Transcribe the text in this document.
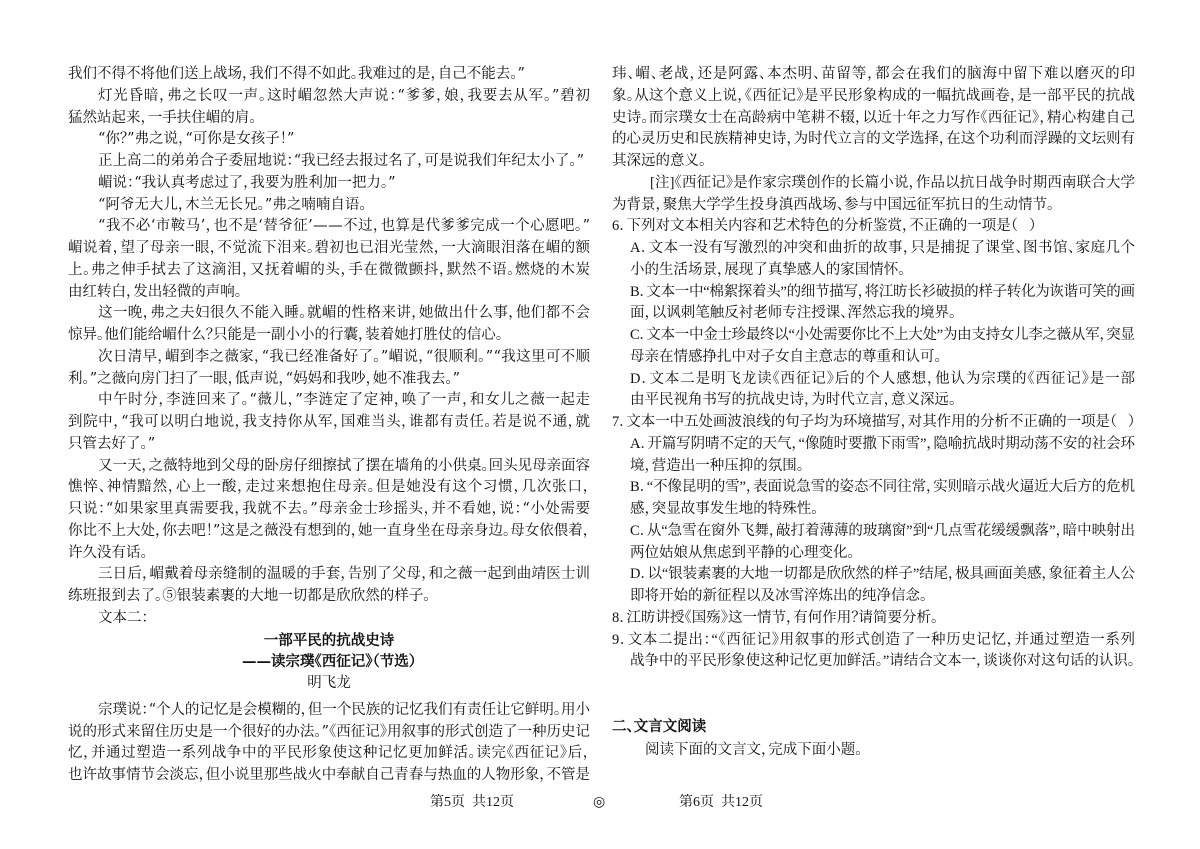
我们不得不将他们送上战场，我们不得不如此。我难过的是，自己不能去。”
灯光昏暗，弗之长叹一声。这时嵋忽然大声说：“爹爹，娘，我要去从军。”碧初
猛然站起来，一手扶住嵋的肩。
“你？”弗之说，“可你是女孩子！”
正上高二的弟弟合子委屈地说：“我已经去报过名了，可是说我们年纪太小了。”
嵋说：“我认真考虑过了，我要为胜利加一把力。”
“阿爷无大儿，木兰无长兄。”弗之喃喃自语。
“我不必‘市鞍马’，也不是‘替爷征’——不过，也算是代爹爹完成一个心愿吧。”
嵋说着，望了母亲一眼，不觉流下泪来。碧初也已泪光莹然，一大滴眼泪落在嵋的额
上。弗之伸手拭去了这滴泪，又抚着嵋的头，手在微微颤抖，默然不语。燃烧的木炭
由红转白，发出轻微的声响。
这一晚，弗之夫妇很久不能入睡。就嵋的性格来讲，她做出什么事，他们都不会
惊异。他们能给嵋什么？只能是一副小小的行囊，装着她打胜仗的信心。
次日清早，嵋到李之薇家，“我已经准备好了。”嵋说，“很顺利。”“我这里可不顺
利。”之薇向房门扫了一眼，低声说，“妈妈和我吵，她不准我去。”
中午时分，李涟回来了。“薇儿，”李涟定了定神，唤了一声，和女儿之薇一起走
到院中，“我可以明白地说，我支持你从军，国难当头，谁都有责任。若是说不通，就
只管去好了。”
又一天，之薇特地到父母的卧房仔细擦拭了摆在墙角的小供桌。回头见母亲面容
憔悴、神情黯然，心上一酸，走过来想抱住母亲。但是她没有这个习惯，几次张口，
只说：“如果家里真需要我，我就不去。”母亲金士珍摇头，并不看她，说：“小处需要
你比不上大处，你去吧！”这是之薇没有想到的，她一直身坐在母亲身边。母女依偎着，
许久没有话。
三日后，嵋戴着母亲缝制的温暖的手套，告别了父母，和之薇一起到曲靖医士训
练班报到去了。⑤银装素裹的大地一切都是欣欣然的样子。
文本二：
一部平民的抗战史诗
——读宗璞《西征记》（节选）
明飞龙
宗璞说：“个人的记忆是会模糊的，但一个民族的记忆我们有责任让它鲜明。用小
说的形式来留住历史是一个很好的办法。”《西征记》用叙事的形式创造了一种历史记
忆，并通过塑造一系列战争中的平民形象使这种记忆更加鲜活。读完《西征记》后，
也许故事情节会淡忘，但小说里那些战火中奉献自己青春与热血的人物形象，不管是
玮、嵋、老战，还是阿露、本杰明、苗留等，都会在我们的脑海中留下难以磨灭的印
象。从这个意义上说，《西征记》是平民形象构成的一幅抗战画卷，是一部平民的抗战
史诗。而宗璞女士在高龄病中笔耕不辍，以近十年之力写作《西征记》，精心构建自己
的心灵历史和民族精神史诗，为时代立言的文学选择，在这个功利而浮躁的文坛则有
其深远的意义。
[注]《西征记》是作家宗璞创作的长篇小说，作品以抗日战争时期西南联合大学
为背景，聚焦大学学生投身滇西战场、参与中国远征军抗日的生动情节。
6．下列对文本相关内容和艺术特色的分析鉴赏，不正确的一项是（   ）
A．文本一没有写激烈的冲突和曲折的故事，只是捕捉了课堂、图书馆、家庭几个
小的生活场景，展现了真挚感人的家国情怀。
B．文本一中“棉絮探着头”的细节描写，将江昉长衫破损的样子转化为诙谐可笑的画
面，以讽刺笔触反衬老师专注授课、浑然忘我的境界。
C．文本一中金士珍最终以“小处需要你比不上大处”为由支持女儿李之薇从军，突显
母亲在情感挣扎中对子女自主意志的尊重和认可。
D．文本二是明飞龙读《西征记》后的个人感想，他认为宗璞的《西征记》是一部
由平民视角书写的抗战史诗，为时代立言，意义深远。
7．文本一中五处画波浪线的句子均为环境描写，对其作用的分析不正确的一项是（   ）
A．开篇写阴晴不定的天气，“像随时要撒下雨雪”，隐喻抗战时期动荡不安的社会环
境，营造出一种压抑的氛围。
B．“不像昆明的雪”，表面说急雪的姿态不同往常，实则暗示战火逼近大后方的危机
感，突显故事发生地的特殊性。
C．从“急雪在窗外飞舞，敲打着薄薄的玻璃窗”到“几点雪花缓缓飘落”，暗中映射出
两位姑娘从焦虑到平静的心理变化。
D．以“银装素裹的大地一切都是欣欣然的样子”结尾，极具画面美感，象征着主人公
即将开始的新征程以及冰雪淬炼出的纯净信念。
8．江昉讲授《国殇》这一情节，有何作用？请简要分析。
9．文本二提出：“《西征记》用叙事的形式创造了一种历史记忆，并通过塑造一系列
战争中的平民形象使这种记忆更加鲜活。”请结合文本一，谈谈你对这句话的认识。
二、文言文阅读
阅读下面的文言文，完成下面小题。
第5页  共12页	◎	第6页  共12页
